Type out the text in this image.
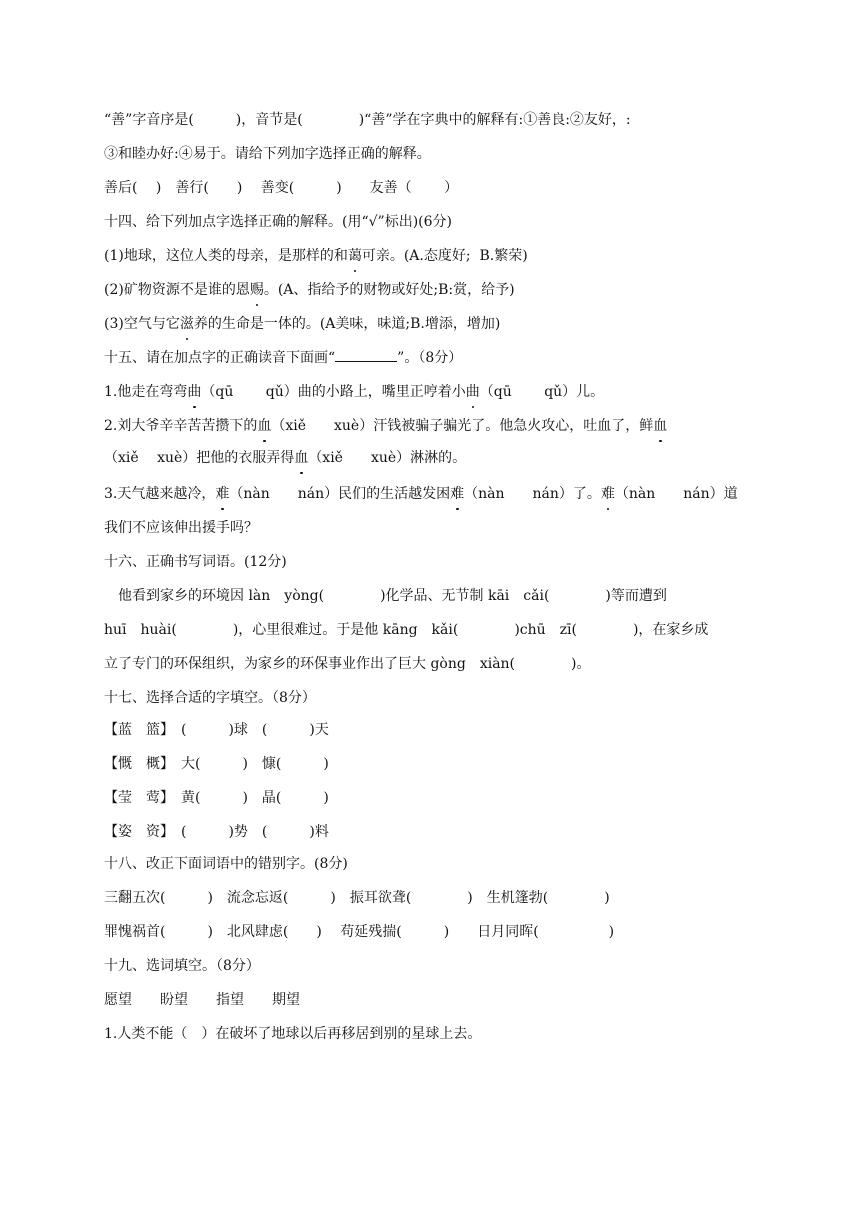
“善”字音序是(　　　)，音节是(　　　　)“善”学在字典中的解释有:①善良:②友好，:
③和睦办好:④易于。请给下列加字选择正确的解释。
善后(　 )　善行(　　)　 善变(　　　)　　友善（　　 ）
十四、给下列加点字选择正确的解释。(用“√”标出)(6分)
(1)地球，这位人类的母亲，是那样的和蔼可亲。(A.态度好;  B.繁荣)
(2)矿物资源不是谁的恩赐。(A、指给予的财物或好处;B:赏，给予)
(3)空气与它滋养的生命是一体的。(A美味，味道;B.增添，增加)
十五、请在加点字的正确读音下面画“	”。（8分）
1.他走在弯弯曲（qū　　 qǔ）曲的小路上，嘴里正哼着小曲（qū　　 qǔ）儿。
2.刘大爷辛辛苦苦攒下的血（xiě　　xuè）汗钱被骗子骗光了。他急火攻心，吐血了，鲜血
（xiě　 xuè）把他的衣服弄得血（xiě　　xuè）淋淋的。
3.天气越来越冷，难（nàn　　nán）民们的生活越发困难（nàn　　nán）了。难（nàn　　nán）道
我们不应该伸出援手吗？
十六、正确书写词语。(12分)
　他看到家乡的环境因 làn　yòng(　　　　)化学品、无节制 kāi　cǎi(　　　　)等而遭到
huī　huài(　　　　)，心里很难过。于是他 kāng　kǎi(　　　　)chū　zī(　　　　)，在家乡成
立了专门的环保组织，为家乡的环保事业作出了巨大 gòng　xiàn(　　　　)。
十七、选择合适的字填空。（8分）
【蓝　篮】　(　　　)球　(　　　)天
【慨　概】　大(　　　)　慷(　　　)
【莹　莺】　黄(　　　)　晶(　　　)
【姿　资】　(　　　)势　(　　　)料
十八、改正下面词语中的错别字。(8分)
三翻五次(　　　)　流念忘返(　　　)　振耳欲聋(　　　　)　生机篷勃(　　　　)
罪愧祸首(　　　)　北风肆虑(　　)　 苟延残揣(　　　)　　日月同晖(　　　　　)
十九、选词填空。（8分）
愿望　　盼望　　指望　　期望
1.人类不能（　）在破坏了地球以后再移居到别的星球上去。
